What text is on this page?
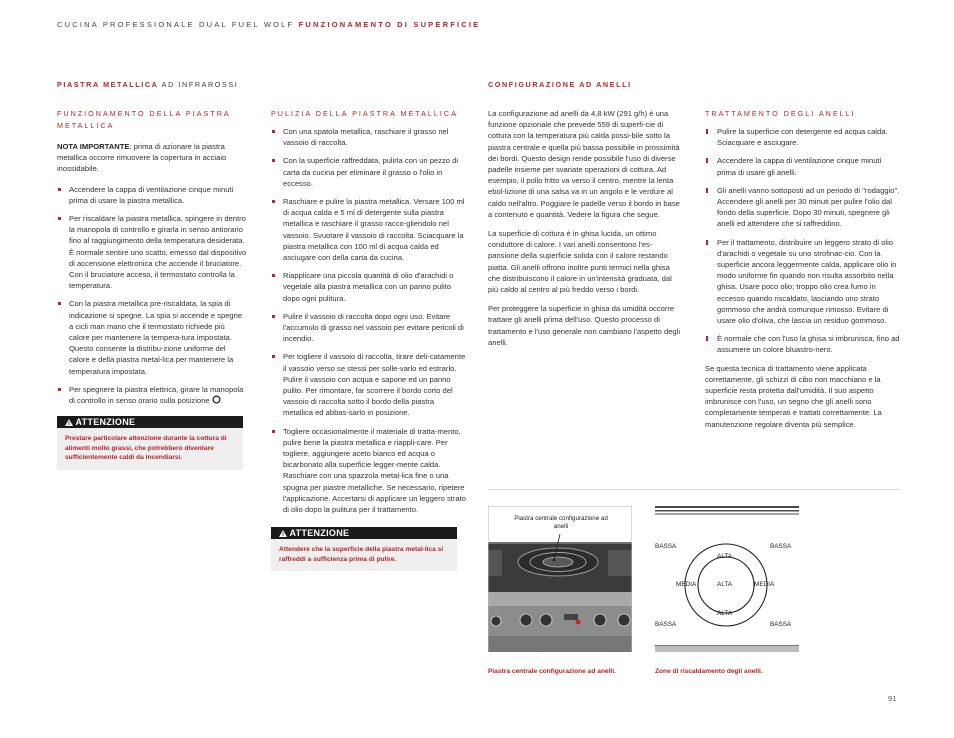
CUCINA PROFESSIONALE DUAL FUEL WOLF FUNZIONAMENTO DI SUPERFICIE
PIASTRA METALLICA AD INFRAROSSI
FUNZIONAMENTO DELLA PIASTRA METALLICA
NOTA IMPORTANTE: prima di azionare la piastra metallica occorre rimuovere la copertura in acciaio inossidabile.
Accendere la cappa di ventilazione cinque minuti prima di usare la piastra metallica.
Per riscaldare la piastra metallica, spingere in dentro la manopola di controllo e girarla in senso antiorario fino al raggiungimento della temperatura desiderata. È normale sentire uno scatto, emesso dal dispositivo di accensione elettronica che accende il bruciatore. Con il bruciatore acceso, il termostato controlla la temperatura.
Con la piastra metallica pre-riscaldata, la spia di indicazione si spegne. La spia si accende e spegne a cicli man mano che il termostato richiede più calore per mantenere la tempera-tura impostata. Questo consente la distribu-zione uniforme del calore e della piastra metal-lica per mantenere la temperatura impostata.
Per spegnere la piastra elettrica, girare la manopola di controllo in senso orario sulla posizione .
ATTENZIONE
Prestare particolare attenzione durante la cottura di alimenti molto grassi, che potrebbero diventare sufficientemente caldi da incendiarsi.
PULIZIA DELLA PIASTRA METALLICA
Con una spatola metallica, raschiare il grasso nel vassoio di raccolta.
Con la superficie raffreddata, pulirla con un pezzo di carta da cucina per eliminare il grasso o l'olio in eccesso.
Raschiare e pulire la piastra metallica. Versare 100 ml di acqua calda e 5 ml di detergente sulla piastra metallica e raschiare il grasso racco-gliendolo nel vassoio. Svuotare il vassoio di raccolta. Sciacquare la piastra metallica con 100 ml di acqua calda ed asciugare con della carta da cucina.
Riapplicare una piccola quantità di olio d'arachidi o vegetale alla piastra metallica con un panno pulito dopo ogni pulitura.
Pulire il vassoio di raccolta dopo ogni uso. Evitare l'accumulo di grasso nel vassoio per evitare pericoli di incendio.
Per togliere il vassoio di raccolta, tirare deli-catamente il vassoio verso se stessi per solle-varlo ed estrarlo. Pulire il vassoio con acqua e sapone ed un panno pulito. Per rimontare, far scorrere il bordo corto del vassoio di raccolta sotto il bordo della piastra metallica ed abbas-sarlo in posizione.
Togliere occasionalmente il materiale di tratta-mento, pulire bene la piastra metallica e riappli-care. Per togliere, aggiungere aceto bianco ed acqua o bicarbonato alla superficie legger-mente calda. Raschiare con una spazzola metal-lica fine o una spugna per piastre metalliche. Se necessario, ripetere l'applicazione. Accertarsi di applicare un leggero strato di olio dopo la pulitura per il trattamento.
ATTENZIONE
Attendere che la superficie della piastra metal-lica si raffreddi a sufficienza prima di pulire.
CONFIGURAZIONE AD ANELLI

La configurazione ad anelli da 4,8 kW (291 g/h) è una funzione opzionale che prevede 559 di superfi-cie di cottura con la temperatura più calda possi-bile sotto la piastra centrale e quella più bassa possibile in prossimità dei bordi. Questo design rende possibile l'uso di diverse padelle insieme per svariate operazioni di cottura. Ad esempio, il pollo fritto va verso il centro, mentre la lenta ebol-lizione di una salsa va in un angolo e le verdure al caldo nell'altro. Poggiare le padelle verso il bordo in base a contenuto e quantità. Vedere la figura che segue.

La superficie di cottura è in ghisa lucida, un ottimo conduttore di calore. I vari anelli consentono l'es-pansione della superficie solida con il calore restando piatta. Gli anelli offrono inoltre punti termici nella ghisa che distribuiscono il calore in un'intensità graduata, dal più caldo al centro al più freddo verso i bordi.

Per proteggere la superficie in ghisa da umidità occorre trattare gli anelli prima dell'uso. Questo processo di trattamento e l'uso generale non cambiano l'aspetto degli anelli.

TRATTAMENTO DEGLI ANELLI
Pulire la superficie con detergente ed acqua calda. Sciacquare e asciugare.
Accendere la cappa di ventilazione cinque minuti prima di usare gli anelli.
Gli anelli vanno sottoposti ad un periodo di "rodaggio". Accendere gli anelli per 30 minuti per pulire l'olio dal fondo della superficie. Dopo 30 minuti, spegnere gli anelli ed attendere che si raffreddino.
Per il trattamento, distribuire un leggero strato di olio d'arachidi o vegetale su uno strofinac-cio. Con la superficie ancora leggermente calda, applicare olio in modo uniforme fin quando non risulta assorbito nella ghisa. Usare poco olio; troppo olio crea fumo in eccesso quando riscaldato, lasciando uno strato gommoso che andrà comunque rimosso. Evitare di usare olio d'oliva, che lascia un residuo gommoso.
È normale che con l'uso la ghisa si imbrunisca, fino ad assumere un colore bluastro-nero.
Se questa tecnica di trattamento viene applicata correttamente, gli schizzi di cibo non macchiano e la superficie resta protetta dall'umidità. Il suo aspetto imbrunisce con l'uso, un segno che gli anelli sono completamente temperati e trattati correttamente. La manutenzione regolare diventa più semplice.
Piastra centrale configurazione ad anelli
Piastra centrale configurazione ad anelli.
BASSA	BASSA
BASSA	BASSA
ALTA
ALTA
ALTA
MEDIA	MEDIA
Zone di riscaldamento degli anelli.
91
